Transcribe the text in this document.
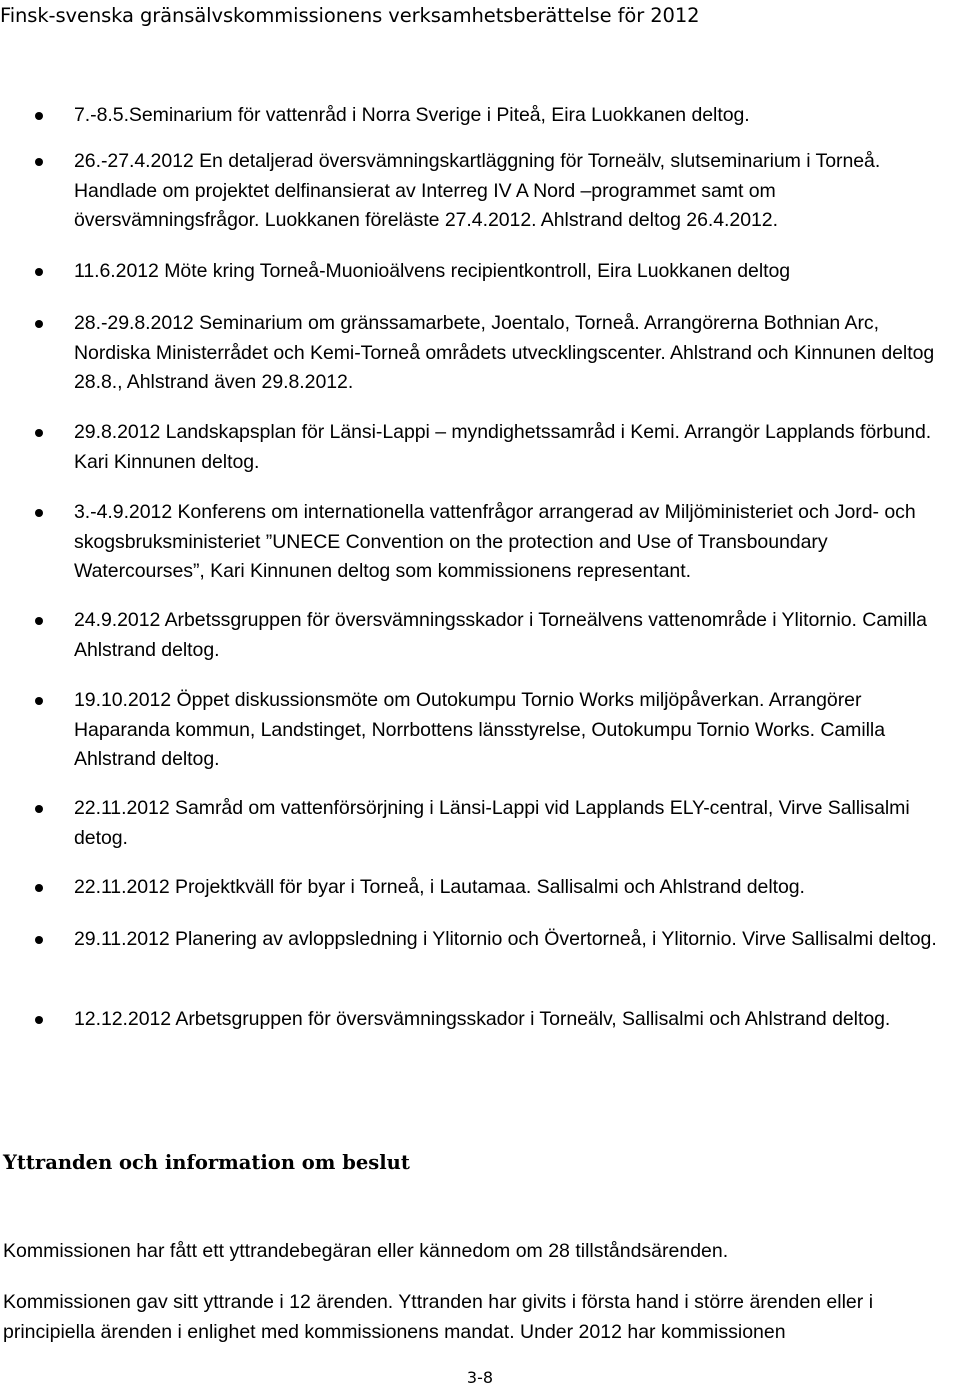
Finsk-svenska gränsälvskommissionens verksamhetsberättelse för 2012
7.-8.5.Seminarium för vattenråd i Norra Sverige i Piteå, Eira Luokkanen deltog.
26.-27.4.2012 En detaljerad översvämningskartläggning för Torneälv, slutseminarium i Torneå. Handlade om projektet delfinansierat av Interreg IV A Nord –programmet samt om översvämningsfrågor. Luokkanen föreläste 27.4.2012. Ahlstrand deltog 26.4.2012.
11.6.2012 Möte kring Torneå-Muonioälvens recipientkontroll, Eira Luokkanen deltog
28.-29.8.2012 Seminarium om gränssamarbete, Joentalo, Torneå. Arrangörerna Bothnian Arc, Nordiska Ministerrådet och Kemi-Torneå områdets utvecklingscenter. Ahlstrand och Kinnunen deltog 28.8., Ahlstrand även 29.8.2012.
29.8.2012 Landskapsplan för Länsi-Lappi – myndighetssamråd i Kemi. Arrangör Lapplands förbund. Kari Kinnunen deltog.
3.-4.9.2012 Konferens om internationella vattenfrågor arrangerad av Miljöministeriet och Jord- och skogsbruksministeriet ”UNECE Convention on the protection and Use of Transboundary Watercourses”, Kari Kinnunen deltog som kommissionens representant.
24.9.2012 Arbetssgruppen för översvämningsskador i Torneälvens vattenområde i Ylitornio. Camilla Ahlstrand deltog.
19.10.2012 Öppet diskussionsmöte om Outokumpu Tornio Works miljöpåverkan. Arrangörer Haparanda kommun, Landstinget, Norrbottens länsstyrelse, Outokumpu Tornio Works. Camilla Ahlstrand deltog.
22.11.2012 Samråd om vattenförsörjning i Länsi-Lappi vid Lapplands ELY-central, Virve Sallisalmi detog.
22.11.2012 Projektkväll för byar i Torneå, i Lautamaa. Sallisalmi och Ahlstrand deltog.
29.11.2012 Planering av avloppsledning i Ylitornio och Övertorneå, i Ylitornio. Virve Sallisalmi deltog.
12.12.2012 Arbetsgruppen för översvämningsskador i Torneälv, Sallisalmi och Ahlstrand deltog.
Yttranden och information om beslut

Kommissionen har fått ett yttrandebegäran eller kännedom om 28 tillståndsärenden.

Kommissionen gav sitt yttrande i 12 ärenden. Yttranden har givits i första hand i större ärenden eller i principiella ärenden i enlighet med kommissionens mandat. Under 2012 har kommissionen

3-8
